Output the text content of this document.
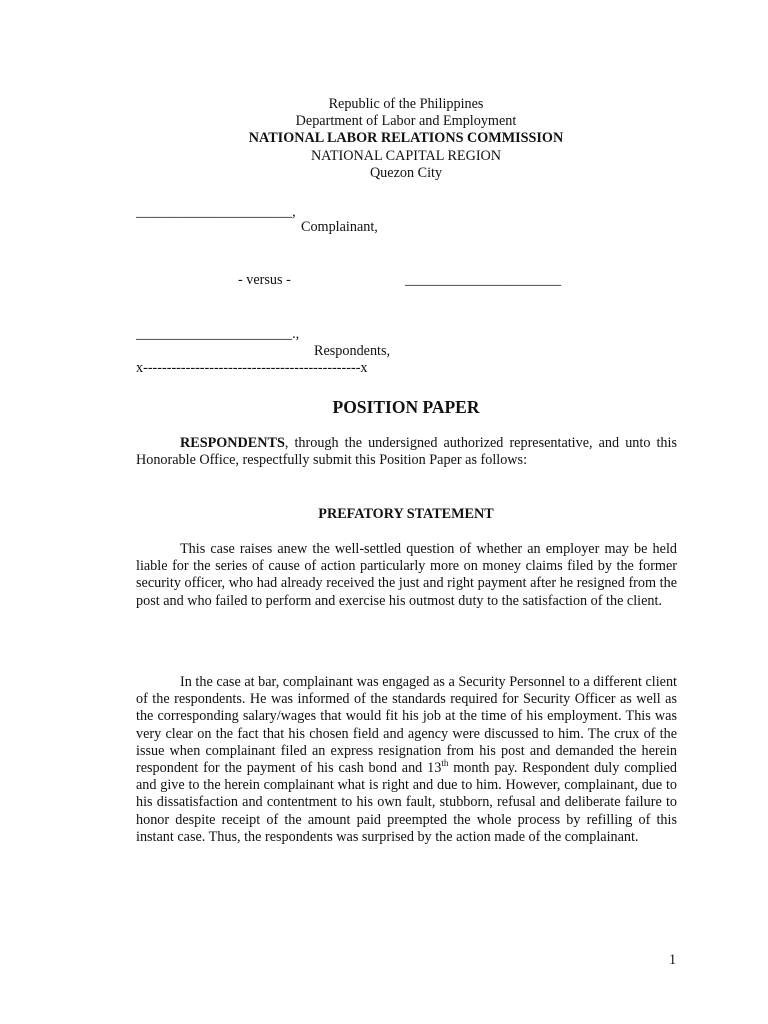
Republic of the Philippines
Department of Labor and Employment
NATIONAL LABOR RELATIONS COMMISSION
NATIONAL CAPITAL REGION
Quezon City
______________________,
Complainant,
- versus -	______________________
______________________.,
Respondents,
x----------------------------------------------x
POSITION PAPER
RESPONDENTS, through the undersigned authorized representative, and unto this Honorable Office, respectfully submit this Position Paper as follows:
PREFATORY STATEMENT
This case raises anew the well-settled question of whether an employer may be held liable for the series of cause of action particularly more on money claims filed by the former security officer, who had already received the just and right payment after he resigned from the post and who failed to perform and exercise his outmost duty to the satisfaction of the client.
In the case at bar, complainant was engaged as a Security Personnel to a different client of the respondents. He was informed of the standards required for Security Officer as well as the corresponding salary/wages that would fit his job at the time of his employment. This was very clear on the fact that his chosen field and agency were discussed to him. The crux of the issue when complainant filed an express resignation from his post and demanded the herein respondent for the payment of his cash bond and 13th month pay. Respondent duly complied and give to the herein complainant what is right and due to him. However, complainant, due to his dissatisfaction and contentment to his own fault, stubborn, refusal and deliberate failure to honor despite receipt of the amount paid preempted the whole process by refilling of this instant case. Thus, the respondents was surprised by the action made of the complainant.
1
